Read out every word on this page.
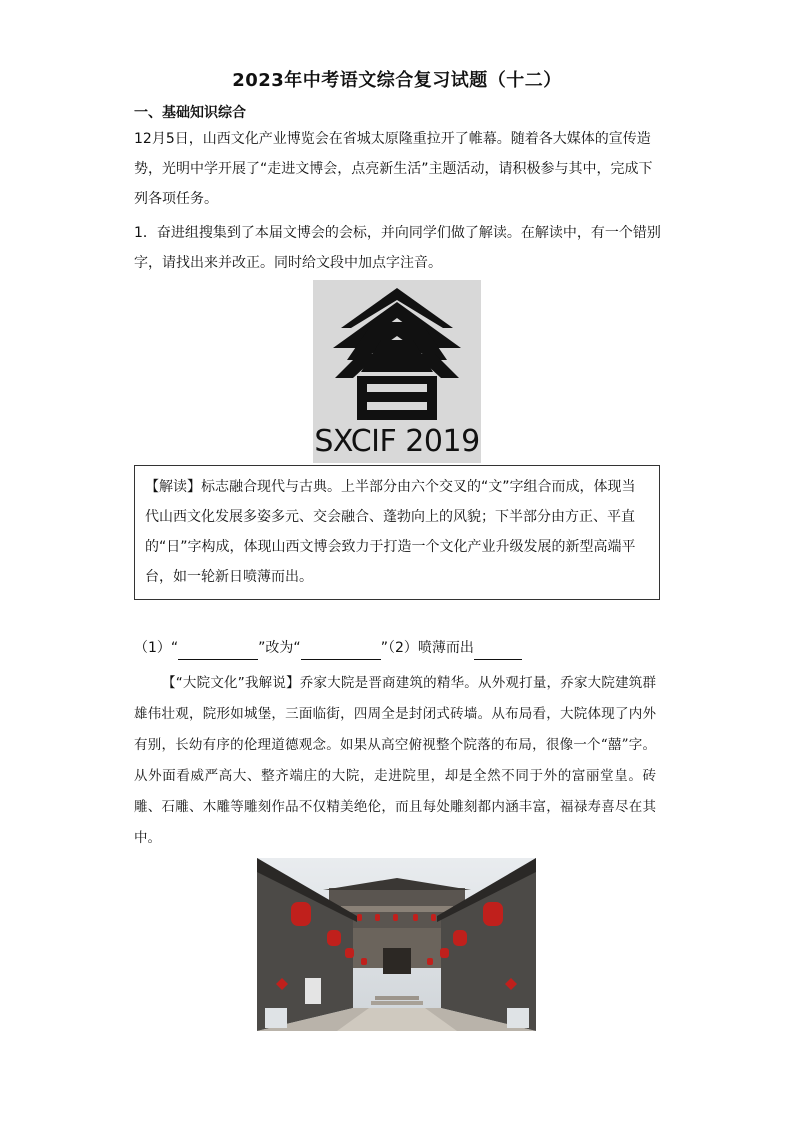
2023年中考语文综合复习试题（十二）
一、基础知识综合
12月5日，山西文化产业博览会在省城太原隆重拉开了帷幕。随着各大媒体的宣传造势，光明中学开展了“走进文博会，点亮新生活”主题活动，请积极参与其中，完成下列各项任务。
1．奋进组搜集到了本届文博会的会标，并向同学们做了解读。在解读中，有一个错别字，请找出来并改正。同时给文段中加点字注音。
SXCIF 2019
【解读】标志融合现代与古典。上半部分由六个交叉的“文”字组合而成，体现当代山西文化发展多姿多元、交会融合、蓬勃向上的风貌；下半部分由方正、平直的“日”字构成，体现山西文博会致力于打造一个文化产业升级发展的新型高端平台，如一轮新日喷薄而出。
（1）“	”改为“	”（2）喷薄而出
【“大院文化”我解说】乔家大院是晋商建筑的精华。从外观打量，乔家大院建筑群雄伟壮观，院形如城堡，三面临街，四周全是封闭式砖墙。从布局看，大院体现了内外有别，长幼有序的伦理道德观念。如果从高空俯视整个院落的布局，很像一个“囍”字。从外面看威严高大、整齐端庄的大院，走进院里，却是全然不同于外的富丽堂皇。砖雕、石雕、木雕等雕刻作品不仅精美绝伦，而且每处雕刻都内涵丰富，福禄寿喜尽在其中。
